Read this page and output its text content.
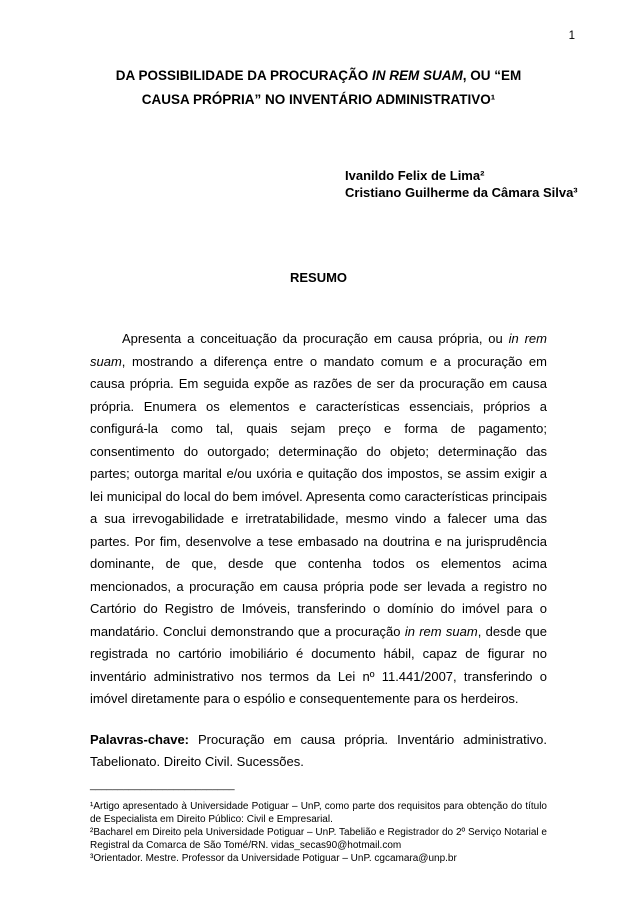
1
DA POSSIBILIDADE DA PROCURAÇÃO IN REM SUAM, OU “EM CAUSA PRÓPRIA” NO INVENTÁRIO ADMINISTRATIVO¹
Ivanildo Felix de Lima²
Cristiano Guilherme da Câmara Silva³
RESUMO

Apresenta a conceituação da procuração em causa própria, ou in rem suam, mostrando a diferença entre o mandato comum e a procuração em causa própria. Em seguida expõe as razões de ser da procuração em causa própria. Enumera os elementos e características essenciais, próprios a configurá-la como tal, quais sejam preço e forma de pagamento; consentimento do outorgado; determinação do objeto; determinação das partes; outorga marital e/ou uxória e quitação dos impostos, se assim exigir a lei municipal do local do bem imóvel. Apresenta como características principais a sua irrevogabilidade e irretratabilidade, mesmo vindo a falecer uma das partes. Por fim, desenvolve a tese embasado na doutrina e na jurisprudência dominante, de que, desde que contenha todos os elementos acima mencionados, a procuração em causa própria pode ser levada a registro no Cartório do Registro de Imóveis, transferindo o domínio do imóvel para o mandatário. Conclui demonstrando que a procuração in rem suam, desde que registrada no cartório imobiliário é documento hábil, capaz de figurar no inventário administrativo nos termos da Lei nº 11.441/2007, transferindo o imóvel diretamente para o espólio e consequentemente para os herdeiros.

Palavras-chave: Procuração em causa própria. Inventário administrativo. Tabelionato. Direito Civil. Sucessões.

__________________________

¹Artigo apresentado à Universidade Potiguar – UnP, como parte dos requisitos para obtenção do título de Especialista em Direito Público: Civil e Empresarial.

²Bacharel em Direito pela Universidade Potiguar – UnP. Tabelião e Registrador do 2º Serviço Notarial e Registral da Comarca de São Tomé/RN. vidas_secas90@hotmail.com

³Orientador. Mestre. Professor da Universidade Potiguar – UnP. cgcamara@unp.br
